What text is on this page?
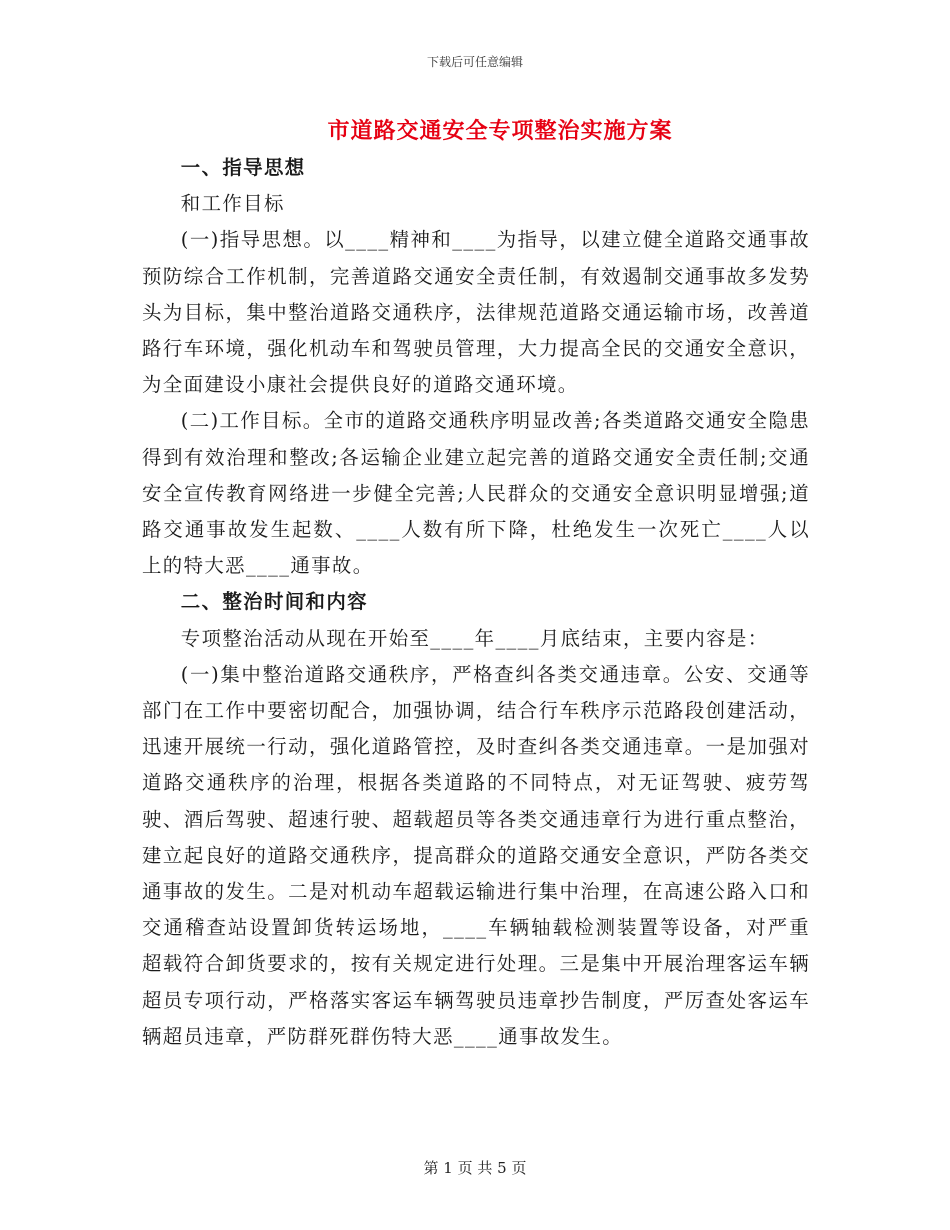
下载后可任意编辑
市道路交通安全专项整治实施方案
一、指导思想

和工作目标

(一)指导思想。以____精神和____为指导，以建立健全道路交通事故预防综合工作机制，完善道路交通安全责任制，有效遏制交通事故多发势头为目标，集中整治道路交通秩序，法律规范道路交通运输市场，改善道路行车环境，强化机动车和驾驶员管理，大力提高全民的交通安全意识，为全面建设小康社会提供良好的道路交通环境。

(二)工作目标。全市的道路交通秩序明显改善;各类道路交通安全隐患得到有效治理和整改;各运输企业建立起完善的道路交通安全责任制;交通安全宣传教育网络进一步健全完善;人民群众的交通安全意识明显增强;道路交通事故发生起数、____人数有所下降，杜绝发生一次死亡____人以上的特大恶____通事故。

二、整治时间和内容

专项整治活动从现在开始至____年____月底结束，主要内容是：

(一)集中整治道路交通秩序，严格查纠各类交通违章。公安、交通等部门在工作中要密切配合，加强协调，结合行车秩序示范路段创建活动，迅速开展统一行动，强化道路管控，及时查纠各类交通违章。一是加强对道路交通秩序的治理，根据各类道路的不同特点，对无证驾驶、疲劳驾驶、酒后驾驶、超速行驶、超载超员等各类交通违章行为进行重点整治，建立起良好的道路交通秩序，提高群众的道路交通安全意识，严防各类交通事故的发生。二是对机动车超载运输进行集中治理，在高速公路入口和交通稽查站设置卸货转运场地，____车辆轴载检测装置等设备，对严重超载符合卸货要求的，按有关规定进行处理。三是集中开展治理客运车辆超员专项行动，严格落实客运车辆驾驶员违章抄告制度，严厉查处客运车辆超员违章，严防群死群伤特大恶____通事故发生。

第 1 页 共 5 页
